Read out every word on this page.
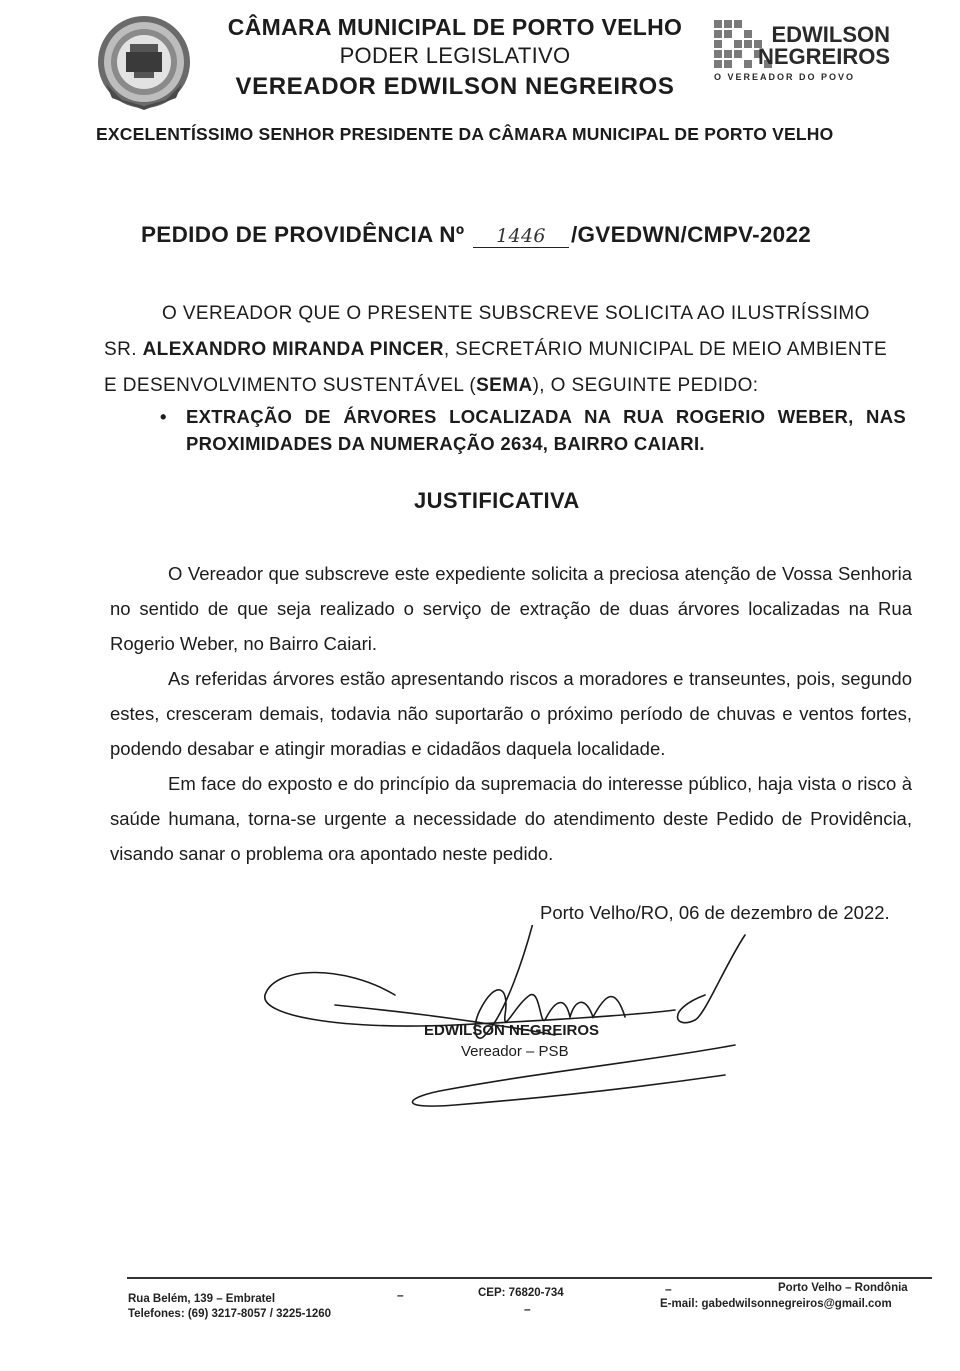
CÂMARA MUNICIPAL DE PORTO VELHO
PODER LEGISLATIVO
VEREADOR EDWILSON NEGREIROS
EDWILSON
NEGREIROS
O VEREADOR DO POVO
EXCELENTÍSSIMO SENHOR PRESIDENTE DA CÂMARA MUNICIPAL DE PORTO VELHO
PEDIDO DE PROVIDÊNCIA Nº 1446 /GVEDWN/CMPV-2022

O VEREADOR QUE O PRESENTE SUBSCREVE SOLICITA AO ILUSTRÍSSIMO

SR. ALEXANDRO MIRANDA PINCER, SECRETÁRIO MUNICIPAL DE MEIO AMBIENTE

E DESENVOLVIMENTO SUSTENTÁVEL (SEMA), O SEGUINTE PEDIDO:

• EXTRAÇÃO DE ÁRVORES LOCALIZADA NA RUA ROGERIO WEBER, NAS PROXIMIDADES DA NUMERAÇÃO 2634, BAIRRO CAIARI.
JUSTIFICATIVA

O Vereador que subscreve este expediente solicita a preciosa atenção de Vossa Senhoria no sentido de que seja realizado o serviço de extração de duas árvores localizadas na Rua Rogerio Weber, no Bairro Caiari.

As referidas árvores estão apresentando riscos a moradores e transeuntes, pois, segundo estes, cresceram demais, todavia não suportarão o próximo período de chuvas e ventos fortes, podendo desabar e atingir moradias e cidadãos daquela localidade.

Em face do exposto e do princípio da supremacia do interesse público, haja vista o risco à saúde humana, torna-se urgente a necessidade do atendimento deste Pedido de Providência, visando sanar o problema ora apontado neste pedido.

Porto Velho/RO, 06 de dezembro de 2022.
EDWILSON NEGREIROS
Vereador – PSB
Rua Belém, 139 – Embratel
Telefones: (69) 3217-8057 / 3225-1260
CEP: 76820-734	Porto Velho – Rondônia
E-mail: gabedwilsonnegreiros@gmail.com
–
–
–
